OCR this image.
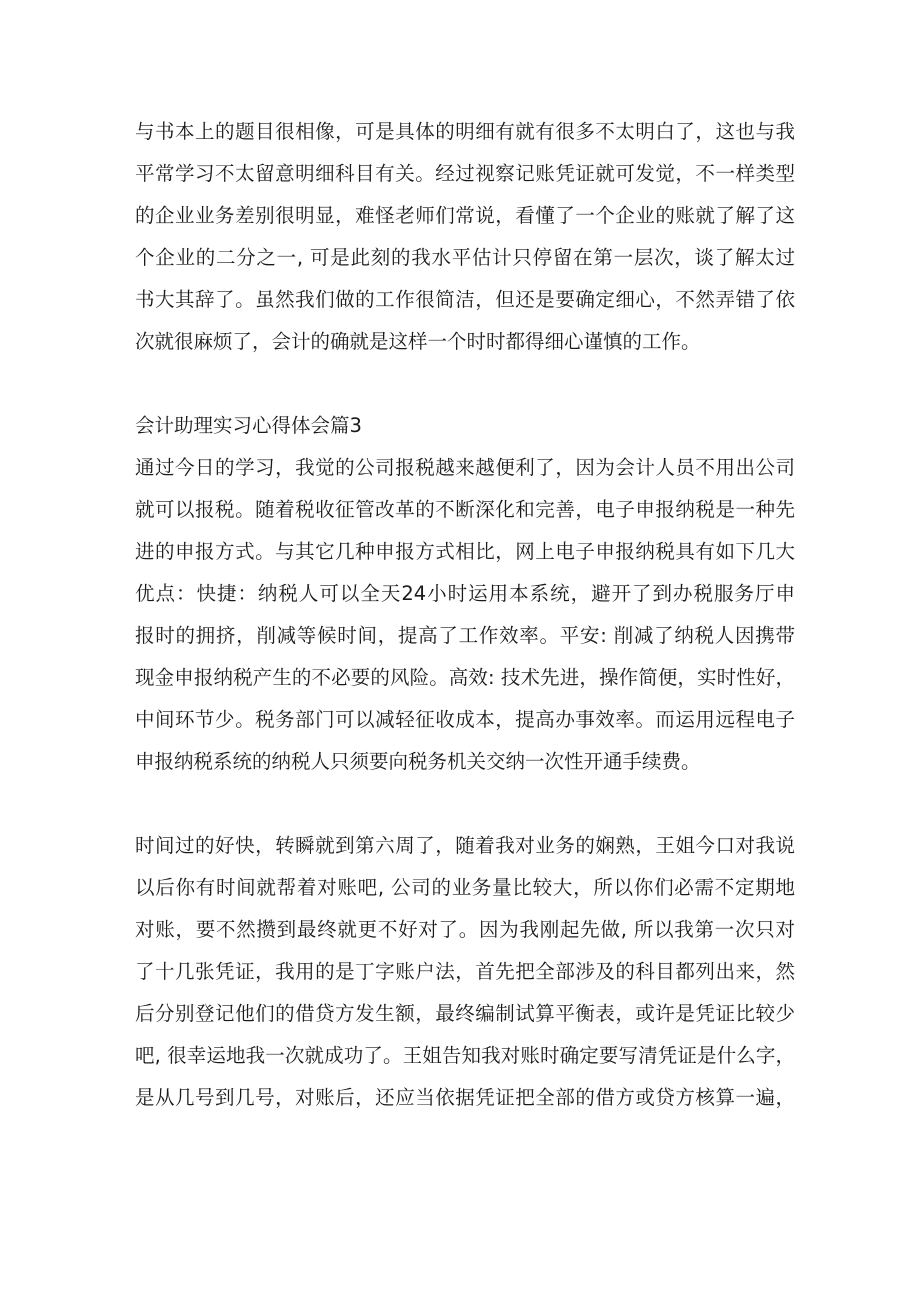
与书本上的题目很相像，可是具体的明细有就有很多不太明白了，这也与我
平常学习不太留意明细科目有关。经过视察记账凭证就可发觉，不一样类型
的企业业务差别很明显，难怪老师们常说，看懂了一个企业的账就了解了这
个企业的二分之一, 可是此刻的我水平估计只停留在第一层次，谈了解太过
书大其辞了。虽然我们做的工作很简洁，但还是要确定细心，不然弄错了依
次就很麻烦了，会计的确就是这样一个时时都得细心谨慎的工作。
会计助理实习心得体会篇3
通过今日的学习，我觉的公司报税越来越便利了，因为会计人员不用出公司
就可以报税。随着税收征管改革的不断深化和完善，电子申报纳税是一种先
进的申报方式。与其它几种申报方式相比，网上电子申报纳税具有如下几大
优点：快捷：纳税人可以全天24小时运用本系统，避开了到办税服务厅申
报时的拥挤，削减等候时间，提高了工作效率。平安: 削减了纳税人因携带
现金申报纳税产生的不必要的风险。高效: 技术先进，操作简便，实时性好，
中间环节少。税务部门可以减轻征收成本，提高办事效率。而运用远程电子
申报纳税系统的纳税人只须要向税务机关交纳一次性开通手续费。
时间过的好快，转瞬就到第六周了，随着我对业务的娴熟，王姐今口对我说
以后你有时间就帮着对账吧, 公司的业务量比较大，所以你们必需不定期地
对账，要不然攒到最终就更不好对了。因为我刚起先做, 所以我第一次只对
了十几张凭证，我用的是丁字账户法，首先把全部涉及的科目都列出来，然
后分别登记他们的借贷方发生额，最终编制试算平衡表，或许是凭证比较少
吧, 很幸运地我一次就成功了。王姐告知我对账时确定要写清凭证是什么字，
是从几号到几号，对账后，还应当依据凭证把全部的借方或贷方核算一遍，
